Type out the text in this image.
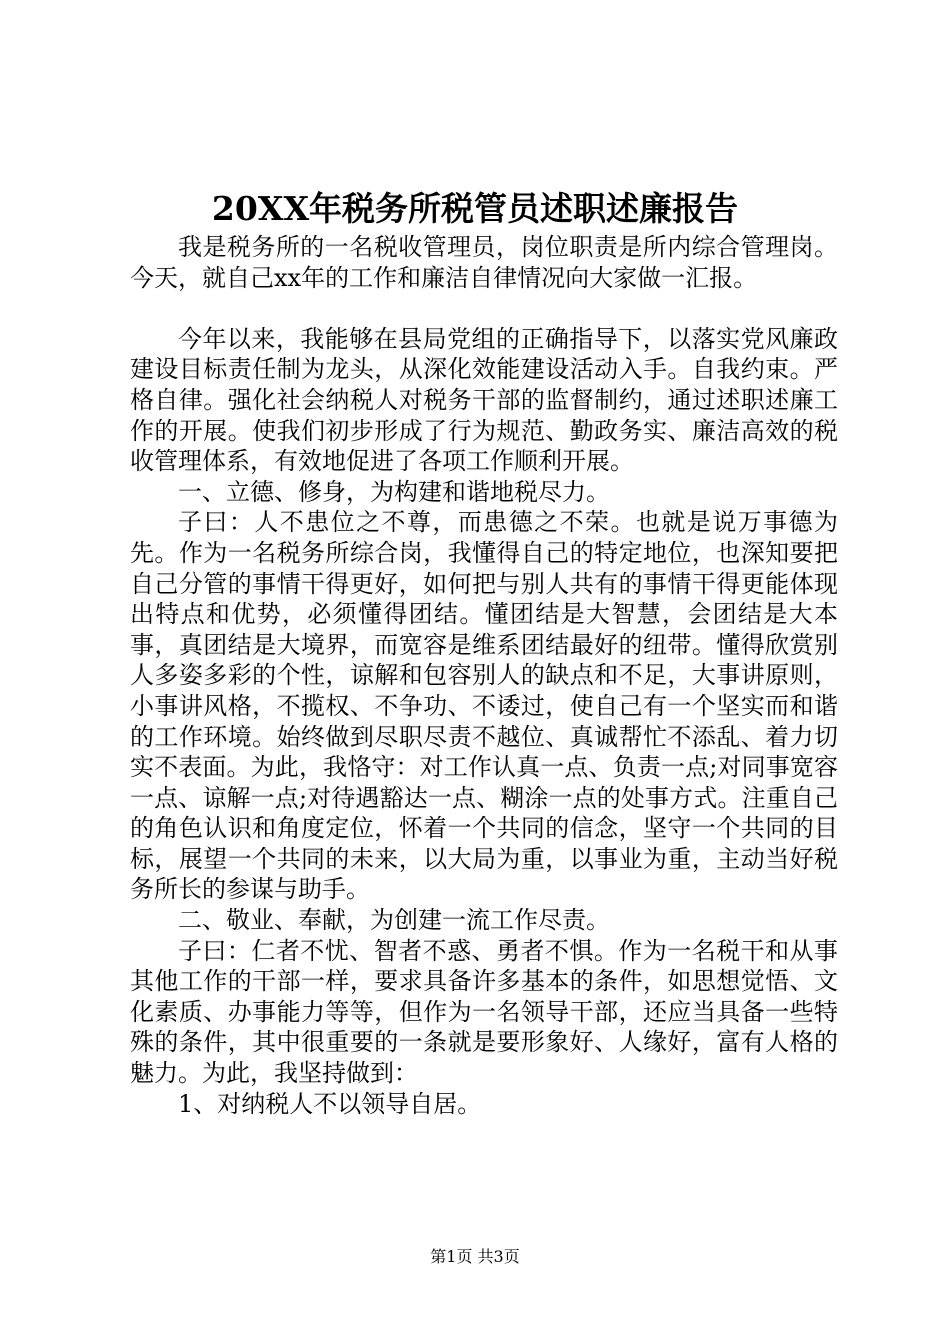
20XX年税务所税管员述职述廉报告

我是税务所的一名税收管理员，岗位职责是所内综合管理岗。今天，就自己xx年的工作和廉洁自律情况向大家做一汇报。

今年以来，我能够在县局党组的正确指导下，以落实党风廉政建设目标责任制为龙头，从深化效能建设活动入手。自我约束。严格自律。强化社会纳税人对税务干部的监督制约，通过述职述廉工作的开展。使我们初步形成了行为规范、勤政务实、廉洁高效的税收管理体系，有效地促进了各项工作顺利开展。

一、立德、修身，为构建和谐地税尽力。

子曰：人不患位之不尊，而患德之不荣。也就是说万事德为先。作为一名税务所综合岗，我懂得自己的特定地位，也深知要把自己分管的事情干得更好，如何把与别人共有的事情干得更能体现出特点和优势，必须懂得团结。懂团结是大智慧，会团结是大本事，真团结是大境界，而宽容是维系团结最好的纽带。懂得欣赏别人多姿多彩的个性，谅解和包容别人的缺点和不足，大事讲原则，小事讲风格，不揽权、不争功、不诿过，使自己有一个坚实而和谐的工作环境。始终做到尽职尽责不越位、真诚帮忙不添乱、着力切实不表面。为此，我恪守：对工作认真一点、负责一点;对同事宽容一点、谅解一点;对待遇豁达一点、糊涂一点的处事方式。注重自己的角色认识和角度定位，怀着一个共同的信念，坚守一个共同的目标，展望一个共同的未来，以大局为重，以事业为重，主动当好税务所长的参谋与助手。

二、敬业、奉献，为创建一流工作尽责。

子曰：仁者不忧、智者不惑、勇者不惧。作为一名税干和从事其他工作的干部一样，要求具备许多基本的条件，如思想觉悟、文化素质、办事能力等等，但作为一名领导干部，还应当具备一些特殊的条件，其中很重要的一条就是要形象好、人缘好，富有人格的魅力。为此，我坚持做到：

1、对纳税人不以领导自居。

第1页 共3页
